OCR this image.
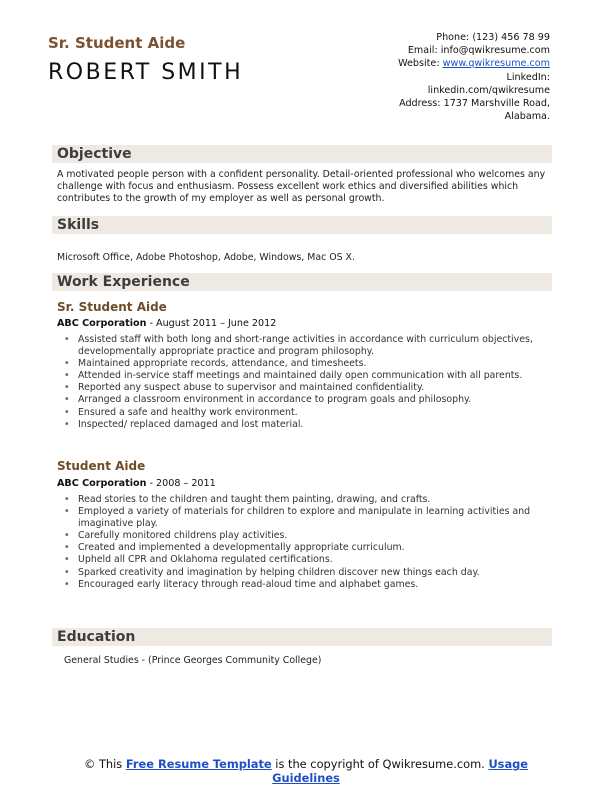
Sr. Student Aide
ROBERT SMITH
Phone: (123) 456 78 99
Email: info@qwikresume.com
Website: www.qwikresume.com
LinkedIn:
linkedin.com/qwikresume
Address: 1737 Marshville Road,
Alabama.
Objective
A motivated people person with a confident personality. Detail-oriented professional who welcomes any challenge with focus and enthusiasm. Possess excellent work ethics and diversified abilities which contributes to the growth of my employer as well as personal growth.
Skills
Microsoft Office, Adobe Photoshop, Adobe, Windows, Mac OS X.
Work Experience
Sr. Student Aide
ABC Corporation - August 2011 – June 2012
• Assisted staff with both long and short-range activities in accordance with curriculum objectives, developmentally appropriate practice and program philosophy.
• Maintained appropriate records, attendance, and timesheets.
• Attended in-service staff meetings and maintained daily open communication with all parents.
• Reported any suspect abuse to supervisor and maintained confidentiality.
• Arranged a classroom environment in accordance to program goals and philosophy.
• Ensured a safe and healthy work environment.
• Inspected/ replaced damaged and lost material.
Student Aide
ABC Corporation - 2008 – 2011
• Read stories to the children and taught them painting, drawing, and crafts.
• Employed a variety of materials for children to explore and manipulate in learning activities and imaginative play.
• Carefully monitored childrens play activities.
• Created and implemented a developmentally appropriate curriculum.
• Upheld all CPR and Oklahoma regulated certifications.
• Sparked creativity and imagination by helping children discover new things each day.
• Encouraged early literacy through read-aloud time and alphabet games.
Education
General Studies - (Prince Georges Community College)
© This Free Resume Template is the copyright of Qwikresume.com. Usage Guidelines
